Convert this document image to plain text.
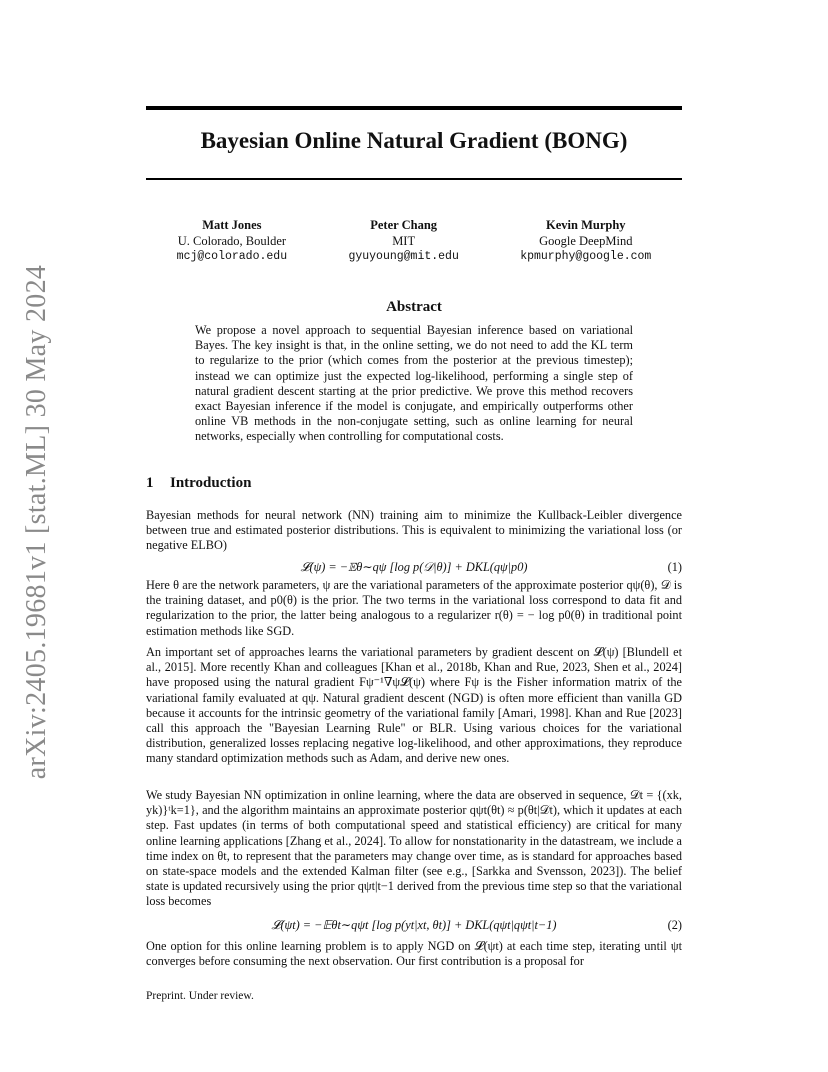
arXiv:2405.19681v1 [stat.ML] 30 May 2024
Bayesian Online Natural Gradient (BONG)
Matt Jones
U. Colorado, Boulder
mcj@colorado.edu
Peter Chang
MIT
gyuyoung@mit.edu
Kevin Murphy
Google DeepMind
kpmurphy@google.com
Abstract
We propose a novel approach to sequential Bayesian inference based on variational Bayes. The key insight is that, in the online setting, we do not need to add the KL term to regularize to the prior (which comes from the posterior at the previous timestep); instead we can optimize just the expected log-likelihood, performing a single step of natural gradient descent starting at the prior predictive. We prove this method recovers exact Bayesian inference if the model is conjugate, and empirically outperforms other online VB methods in the non-conjugate setting, such as online learning for neural networks, especially when controlling for computational costs.
1 Introduction
Bayesian methods for neural network (NN) training aim to minimize the Kullback-Leibler divergence between true and estimated posterior distributions. This is equivalent to minimizing the variational loss (or negative ELBO)
𝓛(ψ) = −𝔼θ∼qψ [log p(𝒟|θ)] + DKL(qψ|p0)	(1)
Here θ are the network parameters, ψ are the variational parameters of the approximate posterior qψ(θ), 𝒟 is the training dataset, and p0(θ) is the prior. The two terms in the variational loss correspond to data fit and regularization to the prior, the latter being analogous to a regularizer r(θ) = − log p0(θ) in traditional point estimation methods like SGD.
An important set of approaches learns the variational parameters by gradient descent on 𝓛(ψ) [Blundell et al., 2015]. More recently Khan and colleagues [Khan et al., 2018b, Khan and Rue, 2023, Shen et al., 2024] have proposed using the natural gradient Fψ⁻¹∇ψ𝓛(ψ) where Fψ is the Fisher information matrix of the variational family evaluated at qψ. Natural gradient descent (NGD) is often more efficient than vanilla GD because it accounts for the intrinsic geometry of the variational family [Amari, 1998]. Khan and Rue [2023] call this approach the "Bayesian Learning Rule" or BLR. Using various choices for the variational distribution, generalized losses replacing negative log-likelihood, and other approximations, they reproduce many standard optimization methods such as Adam, and derive new ones.
We study Bayesian NN optimization in online learning, where the data are observed in sequence, 𝒟t = {(xk, yk)}ᵗk=1}, and the algorithm maintains an approximate posterior qψt(θt) ≈ p(θt|𝒟t), which it updates at each step. Fast updates (in terms of both computational speed and statistical efficiency) are critical for many online learning applications [Zhang et al., 2024]. To allow for nonstationarity in the datastream, we include a time index on θt, to represent that the parameters may change over time, as is standard for approaches based on state-space models and the extended Kalman filter (see e.g., [Sarkka and Svensson, 2023]). The belief state is updated recursively using the prior qψt|t−1 derived from the previous time step so that the variational loss becomes
𝓛(ψt) = −𝔼θt∼qψt [log p(yt|xt, θt)] + DKL(qψt|qψt|t−1)	(2)
One option for this online learning problem is to apply NGD on 𝓛(ψt) at each time step, iterating until ψt converges before consuming the next observation. Our first contribution is a proposal for
Preprint. Under review.
